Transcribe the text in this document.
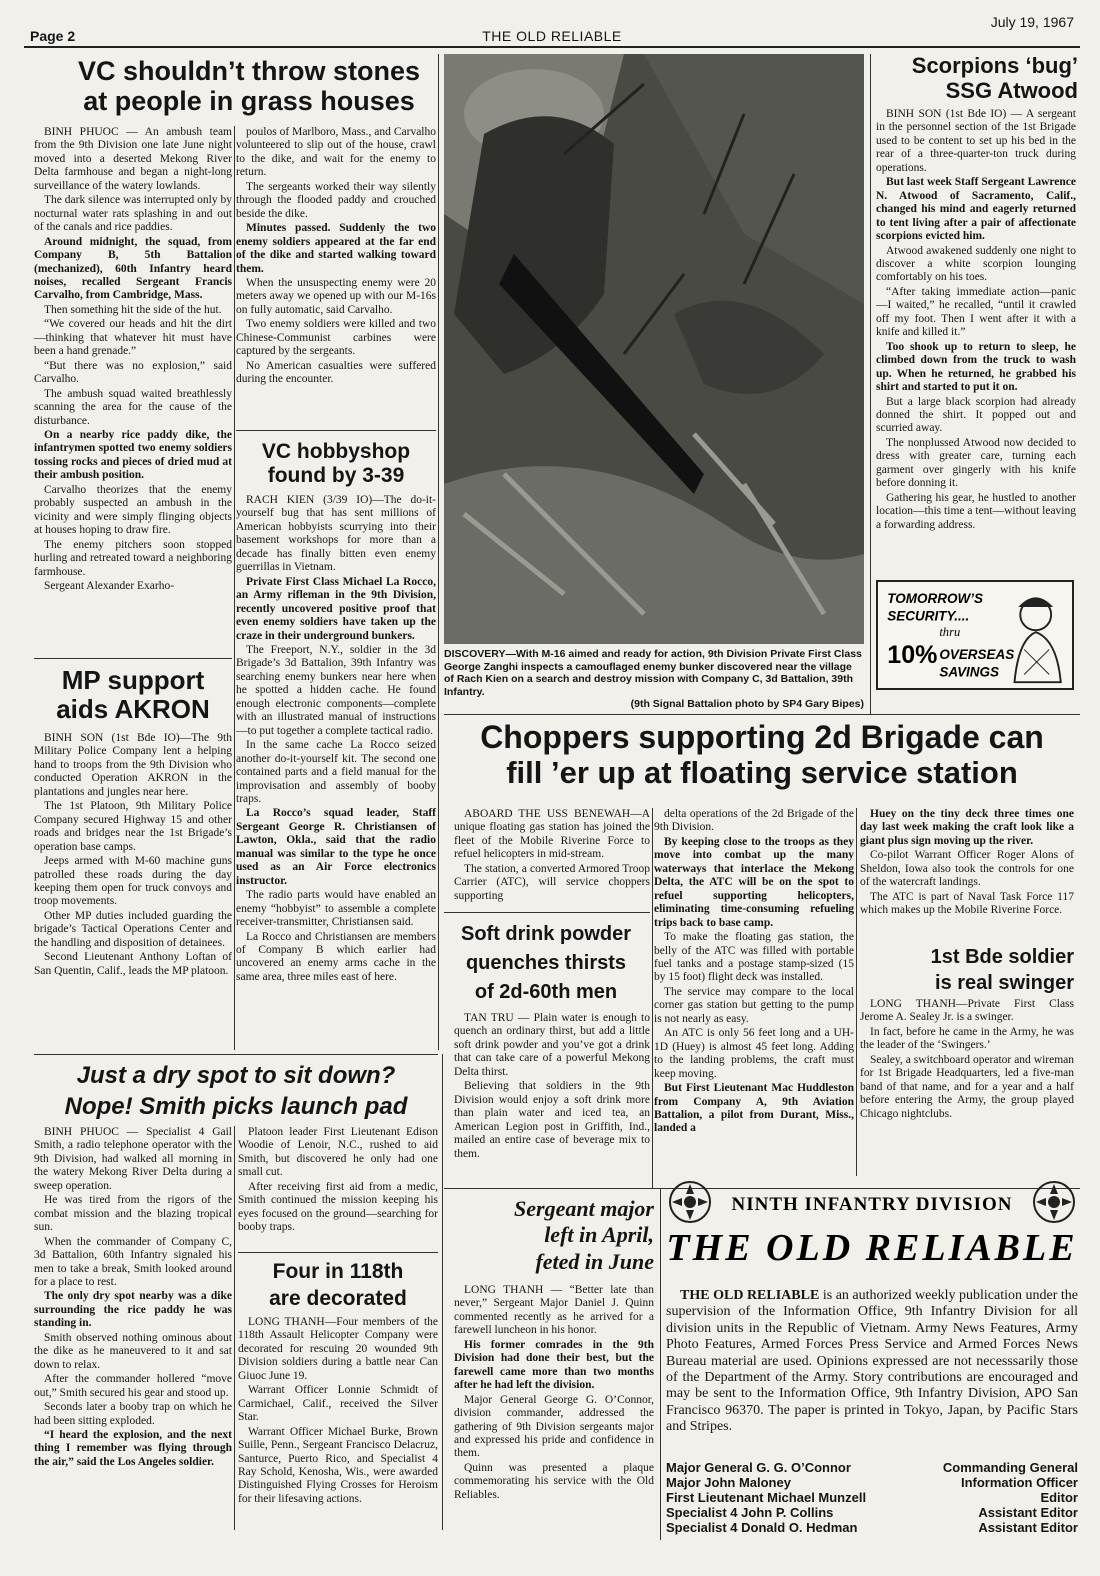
Page 2	THE OLD RELIABLE
July 19, 1967
VC shouldn’t throw stones
at people in grass houses

BINH PHUOC — An ambush team from the 9th Division one late June night moved into a deserted Mekong River Delta farmhouse and began a night-long surveillance of the watery lowlands.

The dark silence was interrupted only by nocturnal water rats splashing in and out of the canals and rice paddies.

Around midnight, the squad, from Company B, 5th Battalion (mechanized), 60th Infantry heard noises, recalled Sergeant Francis Carvalho, from Cambridge, Mass.

Then something hit the side of the hut.

“We covered our heads and hit the dirt—thinking that whatever hit must have been a hand grenade.”

“But there was no explosion,” said Carvalho.

The ambush squad waited breathlessly scanning the area for the cause of the disturbance.

On a nearby rice paddy dike, the infantrymen spotted two enemy soldiers tossing rocks and pieces of dried mud at their ambush position.

Carvalho theorizes that the enemy probably suspected an ambush in the vicinity and were simply flinging objects at houses hoping to draw fire.

The enemy pitchers soon stopped hurling and retreated toward a neighboring farmhouse.

Sergeant Alexander Exarho-

poulos of Marlboro, Mass., and Carvalho volunteered to slip out of the house, crawl to the dike, and wait for the enemy to return.

The sergeants worked their way silently through the flooded paddy and crouched beside the dike.

Minutes passed. Suddenly the two enemy soldiers appeared at the far end of the dike and started walking toward them.

When the unsuspecting enemy were 20 meters away we opened up with our M-16s on fully automatic, said Carvalho.

Two enemy soldiers were killed and two Chinese-Communist carbines were captured by the sergeants.

No American casualties were suffered during the encounter.

VC hobbyshop
found by 3-39

RACH KIEN (3/39 IO)—The do-it-yourself bug that has sent millions of American hobbyists scurrying into their basement workshops for more than a decade has finally bitten even enemy guerrillas in Vietnam.

Private First Class Michael La Rocco, an Army rifleman in the 9th Division, recently uncovered positive proof that even enemy soldiers have taken up the craze in their underground bunkers.

The Freeport, N.Y., soldier in the 3d Brigade’s 3d Battalion, 39th Infantry was searching enemy bunkers near here when he spotted a hidden cache. He found enough electronic components—complete with an illustrated manual of instructions—to put together a complete tactical radio.

In the same cache La Rocco seized another do-it-yourself kit. The second one contained parts and a field manual for the improvisation and assembly of booby traps.

La Rocco’s squad leader, Staff Sergeant George R. Christiansen of Lawton, Okla., said that the radio manual was similar to the type he once used as an Air Force electronics instructor.

The radio parts would have enabled an enemy “hobbyist” to assemble a complete receiver-transmitter, Christiansen said.

La Rocco and Christiansen are members of Company B which earlier had uncovered an enemy arms cache in the same area, three miles east of here.

MP support
aids AKRON

BINH SON (1st Bde IO)—The 9th Military Police Company lent a helping hand to troops from the 9th Division who conducted Operation AKRON in the plantations and jungles near here.

The 1st Platoon, 9th Military Police Company secured Highway 15 and other roads and bridges near the 1st Brigade’s operation base camps.

Jeeps armed with M-60 machine guns patrolled these roads during the day keeping them open for truck convoys and troop movements.

Other MP duties included guarding the brigade’s Tactical Operations Center and the handling and disposition of detainees.

Second Lieutenant Anthony Loftan of San Quentin, Calif., leads the MP platoon.

DISCOVERY—With M-16 aimed and ready for action, 9th Division Private First Class George Zanghi inspects a camouflaged enemy bunker discovered near the village of Rach Kien on a search and destroy mission with Company C, 3d Battalion, 39th Infantry.
(9th Signal Battalion photo by SP4 Gary Bipes)
Scorpions ‘bug’
SSG Atwood

BINH SON (1st Bde IO) — A sergeant in the personnel section of the 1st Brigade used to be content to set up his bed in the rear of a three-quarter-ton truck during operations.

But last week Staff Sergeant Lawrence N. Atwood of Sacramento, Calif., changed his mind and eagerly returned to tent living after a pair of affectionate scorpions evicted him.

Atwood awakened suddenly one night to discover a white scorpion lounging comfortably on his toes.

“After taking immediate action—panic—I waited,” he recalled, “until it crawled off my foot. Then I went after it with a knife and killed it.”

Too shook up to return to sleep, he climbed down from the truck to wash up. When he returned, he grabbed his shirt and started to put it on.

But a large black scorpion had already donned the shirt. It popped out and scurried away.

The nonplussed Atwood now decided to dress with greater care, turning each garment over gingerly with his knife before donning it.

Gathering his gear, he hustled to another location—this time a tent—without leaving a forwarding address.

TOMORROW’S
SECURITY....
thru
10% OVERSEAS
SAVINGS
Choppers supporting 2d Brigade can
fill ’er up at floating service station

ABOARD THE USS BENEWAH—A unique floating gas station has joined the fleet of the Mobile Riverine Force to refuel helicopters in mid-stream.

The station, a converted Armored Troop Carrier (ATC), will service choppers supporting

delta operations of the 2d Brigade of the 9th Division.

By keeping close to the troops as they move into combat up the many waterways that interlace the Mekong Delta, the ATC will be on the spot to refuel supporting helicopters, eliminating time-consuming refueling trips back to base camp.

To make the floating gas station, the belly of the ATC was filled with portable fuel tanks and a postage stamp-sized (15 by 15 foot) flight deck was installed.

The service may compare to the local corner gas station but getting to the pump is not nearly as easy.

An ATC is only 56 feet long and a UH-1D (Huey) is almost 45 feet long. Adding to the landing problems, the craft must keep moving.

But First Lieutenant Mac Huddleston from Company A, 9th Aviation Battalion, a pilot from Durant, Miss., landed a

Huey on the tiny deck three times one day last week making the craft look like a giant plus sign moving up the river.

Co-pilot Warrant Officer Roger Alons of Sheldon, Iowa also took the controls for one of the watercraft landings.

The ATC is part of Naval Task Force 117 which makes up the Mobile Riverine Force.

Soft drink powder
quenches thirsts
of 2d-60th men

TAN TRU — Plain water is enough to quench an ordinary thirst, but add a little soft drink powder and you’ve got a drink that can take care of a powerful Mekong Delta thirst.

Believing that soldiers in the 9th Division would enjoy a soft drink more than plain water and iced tea, an American Legion post in Griffith, Ind., mailed an entire case of beverage mix to them.

1st Bde soldier
is real swinger

LONG THANH—Private First Class Jerome A. Sealey Jr. is a swinger.

In fact, before he came in the Army, he was the leader of the ‘Swingers.’

Sealey, a switchboard operator and wireman for 1st Brigade Headquarters, led a five-man band of that name, and for a year and a half before entering the Army, the group played Chicago nightclubs.

Just a dry spot to sit down?
Nope! Smith picks launch pad

BINH PHUOC — Specialist 4 Gail Smith, a radio telephone operator with the 9th Division, had walked all morning in the watery Mekong River Delta during a sweep operation.

He was tired from the rigors of the combat mission and the blazing tropical sun.

When the commander of Company C, 3d Battalion, 60th Infantry signaled his men to take a break, Smith looked around for a place to rest.

The only dry spot nearby was a dike surrounding the rice paddy he was standing in.

Smith observed nothing ominous about the dike as he maneuvered to it and sat down to relax.

After the commander hollered “move out,” Smith secured his gear and stood up.

Seconds later a booby trap on which he had been sitting exploded.

“I heard the explosion, and the next thing I remember was flying through the air,” said the Los Angeles soldier.

Platoon leader First Lieutenant Edison Woodie of Lenoir, N.C., rushed to aid Smith, but discovered he only had one small cut.

After receiving first aid from a medic, Smith continued the mission keeping his eyes focused on the ground—searching for booby traps.

Four in 118th
are decorated

LONG THANH—Four members of the 118th Assault Helicopter Company were decorated for rescuing 20 wounded 9th Division soldiers during a battle near Can Giuoc June 19.

Warrant Officer Lonnie Schmidt of Carmichael, Calif., received the Silver Star.

Warrant Officer Michael Burke, Brown Suille, Penn., Sergeant Francisco Delacruz, Santurce, Puerto Rico, and Specialist 4 Ray Schold, Kenosha, Wis., were awarded Distinguished Flying Crosses for Heroism for their lifesaving actions.

Sergeant major
left in April,
feted in June

LONG THANH — “Better late than never,” Sergeant Major Daniel J. Quinn commented recently as he arrived for a farewell luncheon in his honor.

His former comrades in the 9th Division had done their best, but the farewell came more than two months after he had left the division.

Major General George G. O’Connor, division commander, addressed the gathering of 9th Division sergeants major and expressed his pride and confidence in them.

Quinn was presented a plaque commemorating his service with the Old Reliables.

NINTH INFANTRY DIVISION
THE OLD RELIABLE
THE OLD RELIABLE is an authorized weekly publication under the supervision of the Information Office, 9th Infantry Division for all division units in the Republic of Vietnam. Army News Features, Army Photo Features, Armed Forces Press Service and Armed Forces News Bureau material are used. Opinions expressed are not necesssarily those of the Department of the Army. Story contributions are encouraged and may be sent to the Information Office, 9th Infantry Division, APO San Francisco 96370. The paper is printed in Tokyo, Japan, by Pacific Stars and Stripes.
Major General G. G. O’Connor	Commanding General
Major John Maloney	Information Officer
First Lieutenant Michael Munzell	Editor
Specialist 4 John P. Collins	Assistant Editor
Specialist 4 Donald O. Hedman	Assistant Editor
